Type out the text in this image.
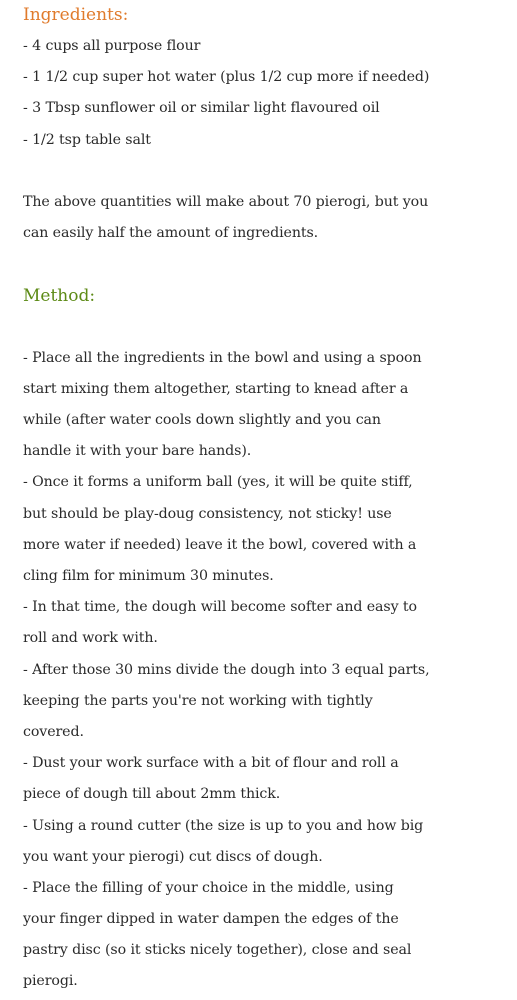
Ingredients:

- 4 cups all purpose flour

- 1 1/2 cup super hot water (plus 1/2 cup more if needed)

- 3 Tbsp sunflower oil or similar light flavoured oil

- 1/2 tsp table salt

The above quantities will make about 70 pierogi, but you

can easily half the amount of ingredients.

Method:

- Place all the ingredients in the bowl and using a spoon

start mixing them altogether, starting to knead after a

while (after water cools down slightly and you can

handle it with your bare hands).

- Once it forms a uniform ball (yes, it will be quite stiff,

but should be play-doug consistency, not sticky! use

more water if needed) leave it the bowl, covered with a

cling film for minimum 30 minutes.

- In that time, the dough will become softer and easy to

roll and work with.

- After those 30 mins divide the dough into 3 equal parts,

keeping the parts you're not working with tightly

covered.

- Dust your work surface with a bit of flour and roll a

piece of dough till about 2mm thick.

- Using a round cutter (the size is up to you and how big

you want your pierogi) cut discs of dough.

- Place the filling of your choice in the middle, using

your finger dipped in water dampen the edges of the

pastry disc (so it sticks nicely together), close and seal

pierogi.
